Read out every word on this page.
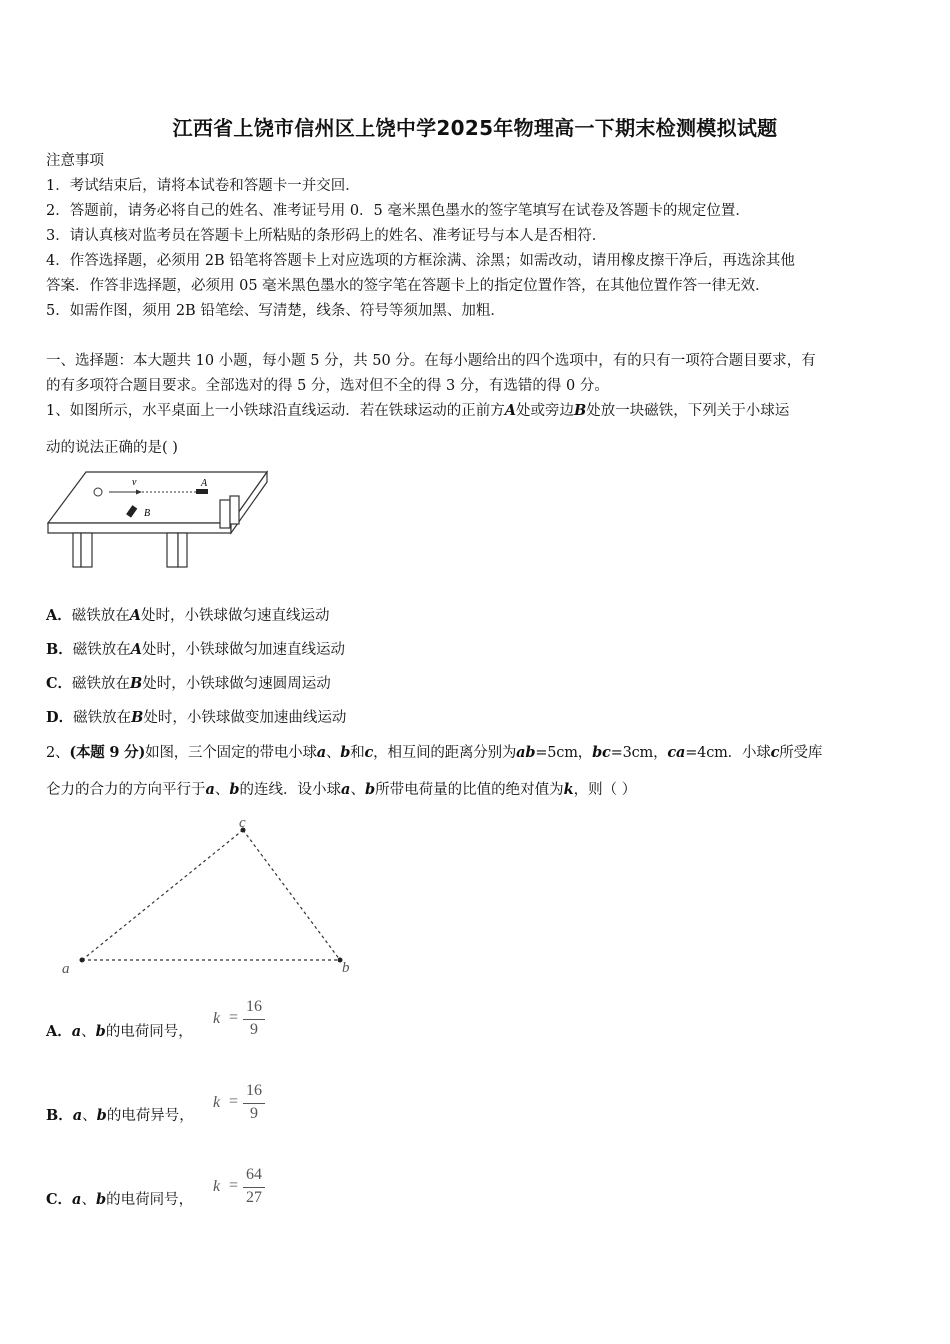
江西省上饶市信州区上饶中学2025年物理高一下期末检测模拟试题
注意事项
1．考试结束后，请将本试卷和答题卡一并交回．
2．答题前，请务必将自己的姓名、准考证号用 0．5 毫米黑色墨水的签字笔填写在试卷及答题卡的规定位置．
3．请认真核对监考员在答题卡上所粘贴的条形码上的姓名、准考证号与本人是否相符．
4．作答选择题，必须用 2B 铅笔将答题卡上对应选项的方框涂满、涂黑；如需改动，请用橡皮擦干净后，再选涂其他
答案．作答非选择题，必须用 05 毫米黑色墨水的签字笔在答题卡上的指定位置作答，在其他位置作答一律无效．
5．如需作图，须用 2B 铅笔绘、写清楚，线条、符号等须加黑、加粗．
一、选择题：本大题共 10 小题，每小题 5 分，共 50 分。在每小题给出的四个选项中，有的只有一项符合题目要求，有
的有多项符合题目要求。全部选对的得 5 分，选对但不全的得 3 分，有选错的得 0 分。
1、如图所示，水平桌面上一小铁球沿直线运动．若在铁球运动的正前方A处或旁边B处放一块磁铁，下列关于小球运
动的说法正确的是( )
v	A
B
A．磁铁放在A处时，小铁球做匀速直线运动
B．磁铁放在A处时，小铁球做匀加速直线运动
C．磁铁放在B处时，小铁球做匀速圆周运动
D．磁铁放在B处时，小铁球做变加速曲线运动
2、(本题 9 分)如图，三个固定的带电小球a、b和c，相互间的距离分别为ab=5cm，bc=3cm，ca=4cm．小球c所受库
仑力的合力的方向平行于a、b的连线．设小球a、b所带电荷量的比值的绝对值为k，则（ ）
a
c
b
A．a、b的电荷同号，
k =
16
9
B．a、b的电荷异号，
k =
16
9
C．a、b的电荷同号，
k =
64
27
